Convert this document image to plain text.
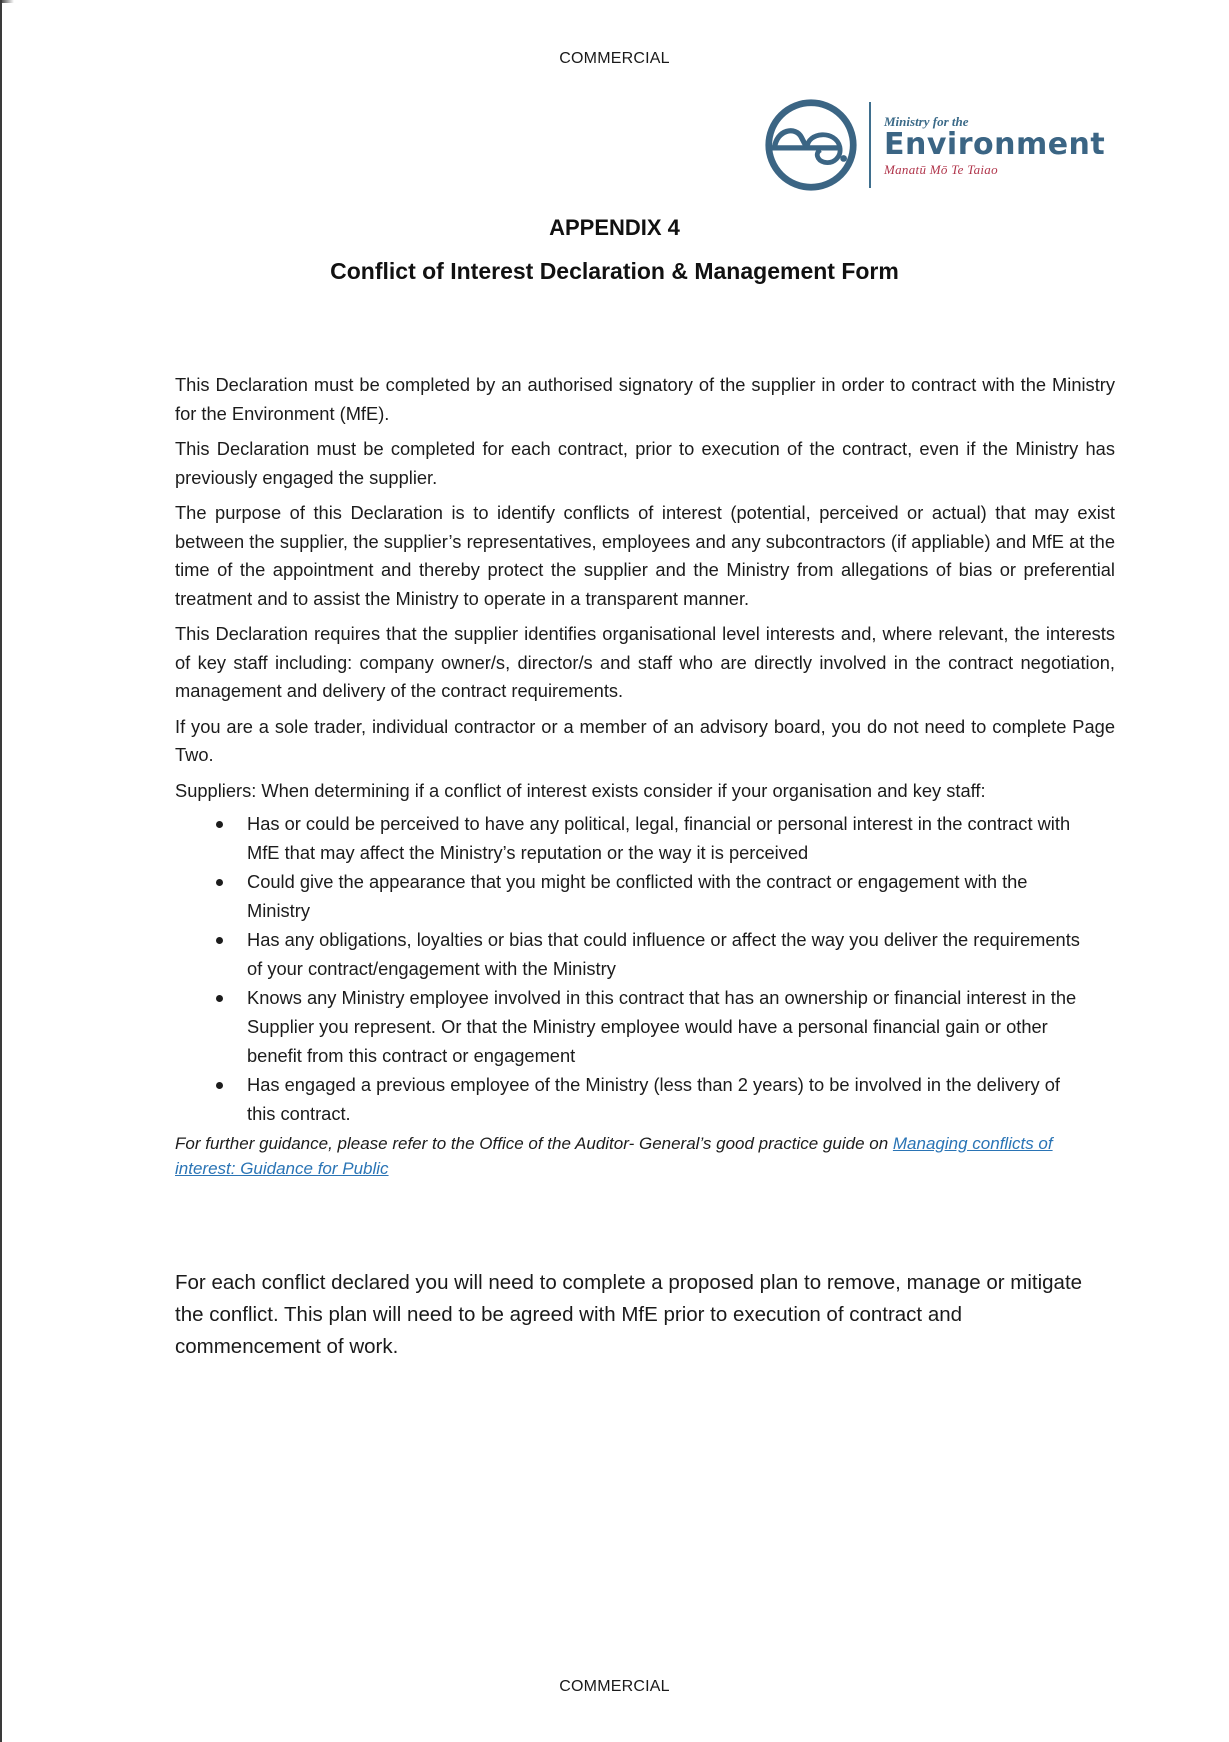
COMMERCIAL
Ministry for the
Environment
Manatū Mō Te Taiao
APPENDIX 4
Conflict of Interest Declaration & Management Form

This Declaration must be completed by an authorised signatory of the supplier in order to contract with the Ministry for the Environment (MfE).

This Declaration must be completed for each contract, prior to execution of the contract, even if the Ministry has previously engaged the supplier.

The purpose of this Declaration is to identify conflicts of interest (potential, perceived or actual) that may exist between the supplier, the supplier’s representatives, employees and any subcontractors (if appliable) and MfE at the time of the appointment and thereby protect the supplier and the Ministry from allegations of bias or preferential treatment and to assist the Ministry to operate in a transparent manner.

This Declaration requires that the supplier identifies organisational level interests and, where relevant, the interests of key staff including: company owner/s, director/s and staff who are directly involved in the contract negotiation, management and delivery of the contract requirements.

If you are a sole trader, individual contractor or a member of an advisory board, you do not need to complete Page Two.

Suppliers: When determining if a conflict of interest exists consider if your organisation and key staff:

Has or could be perceived to have any political, legal, financial or personal interest in the contract with MfE that may affect the Ministry’s reputation or the way it is perceived
Could give the appearance that you might be conflicted with the contract or engagement with the Ministry
Has any obligations, loyalties or bias that could influence or affect the way you deliver the requirements of your contract/engagement with the Ministry
Knows any Ministry employee involved in this contract that has an ownership or financial interest in the Supplier you represent. Or that the Ministry employee would have a personal financial gain or other benefit from this contract or engagement
Has engaged a previous employee of the Ministry (less than 2 years) to be involved in the delivery of this contract.
For further guidance, please refer to the Office of the Auditor- General’s good practice guide on Managing conflicts of interest: Guidance for Public
For each conflict declared you will need to complete a proposed plan to remove, manage or mitigate the conflict. This plan will need to be agreed with MfE prior to execution of contract and commencement of work.
COMMERCIAL
